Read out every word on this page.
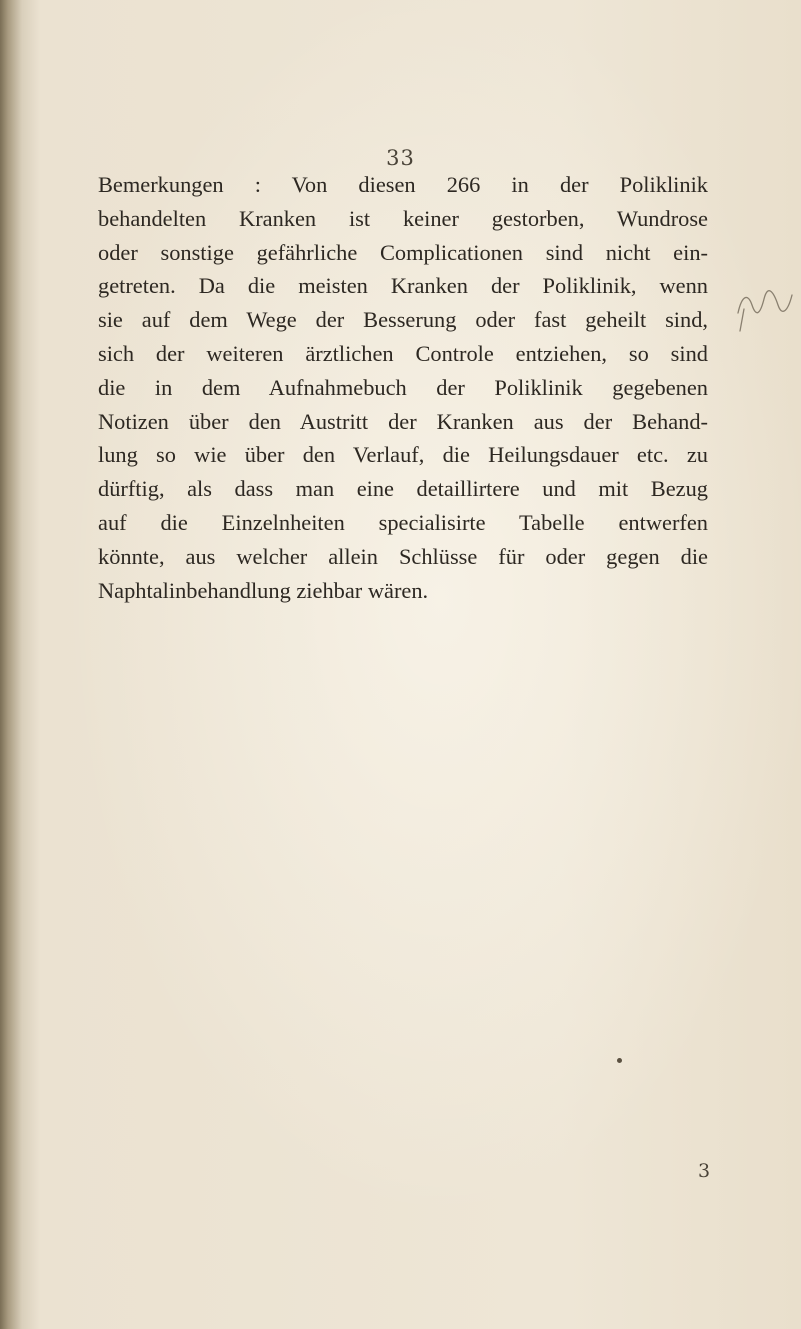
33
Bemerkungen : Von diesen 266 in der Poliklinik
behandelten Kranken ist keiner gestorben, Wundrose
oder sonstige gefährliche Complicationen sind nicht ein-
getreten. Da die meisten Kranken der Poliklinik, wenn
sie auf dem Wege der Besserung oder fast geheilt sind,
sich der weiteren ärztlichen Controle entziehen, so sind
die in dem Aufnahmebuch der Poliklinik gegebenen
Notizen über den Austritt der Kranken aus der Behand-
lung so wie über den Verlauf, die Heilungsdauer etc. zu
dürftig, als dass man eine detaillirtere und mit Bezug
auf die Einzelnheiten specialisirte Tabelle entwerfen
könnte, aus welcher allein Schlüsse für oder gegen die
Naphtalinbehandlung ziehbar wären.
3
